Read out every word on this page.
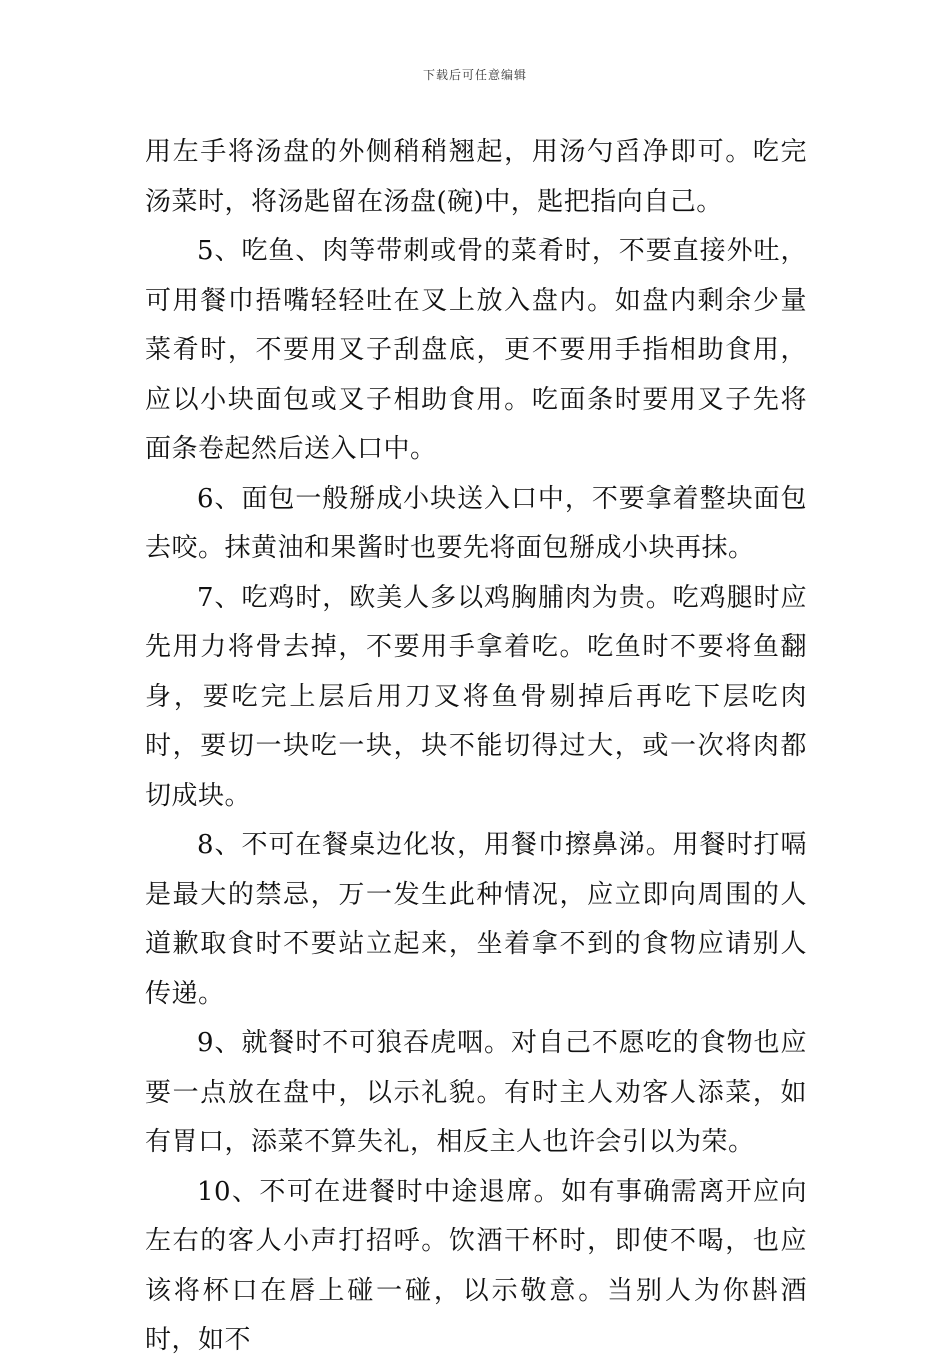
下载后可任意编辑

用左手将汤盘的外侧稍稍翘起，用汤勺舀净即可。吃完汤菜时，将汤匙留在汤盘(碗)中，匙把指向自己。

5、吃鱼、肉等带刺或骨的菜肴时，不要直接外吐，可用餐巾捂嘴轻轻吐在叉上放入盘内。如盘内剩余少量菜肴时，不要用叉子刮盘底，更不要用手指相助食用，应以小块面包或叉子相助食用。吃面条时要用叉子先将面条卷起然后送入口中。

6、面包一般掰成小块送入口中，不要拿着整块面包去咬。抹黄油和果酱时也要先将面包掰成小块再抹。

7、吃鸡时，欧美人多以鸡胸脯肉为贵。吃鸡腿时应先用力将骨去掉，不要用手拿着吃。吃鱼时不要将鱼翻身，要吃完上层后用刀叉将鱼骨剔掉后再吃下层吃肉时，要切一块吃一块，块不能切得过大，或一次将肉都切成块。

8、不可在餐桌边化妆，用餐巾擦鼻涕。用餐时打嗝是最大的禁忌，万一发生此种情况，应立即向周围的人道歉取食时不要站立起来，坐着拿不到的食物应请别人传递。

9、就餐时不可狼吞虎咽。对自己不愿吃的食物也应要一点放在盘中，以示礼貌。有时主人劝客人添菜，如有胃口，添菜不算失礼，相反主人也许会引以为荣。

10、不可在进餐时中途退席。如有事确需离开应向左右的客人小声打招呼。饮酒干杯时，即使不喝，也应该将杯口在唇上碰一碰，以示敬意。当别人为你斟酒时，如不
